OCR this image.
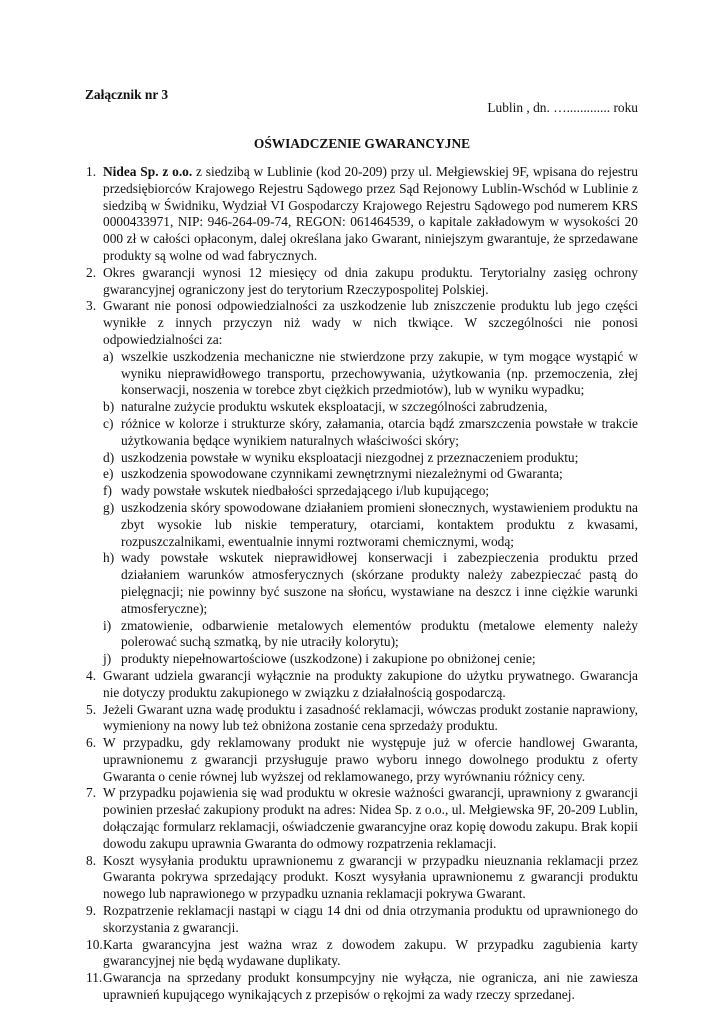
Załącznik nr 3
Lublin , dn. …............. roku
OŚWIADCZENIE GWARANCYJNE
1. Nidea Sp. z o.o. z siedzibą w Lublinie (kod 20-209) przy ul. Mełgiewskiej 9F, wpisana do rejestru przedsiębiorców Krajowego Rejestru Sądowego przez Sąd Rejonowy Lublin-Wschód w Lublinie z siedzibą w Świdniku, Wydział VI Gospodarczy Krajowego Rejestru Sądowego pod numerem KRS 0000433971, NIP: 946-264-09-74, REGON: 061464539, o kapitale zakładowym w wysokości 20 000 zł w całości opłaconym, dalej określana jako Gwarant, niniejszym gwarantuje, że sprzedawane produkty są wolne od wad fabrycznych.
2. Okres gwarancji wynosi 12 miesięcy od dnia zakupu produktu. Terytorialny zasięg ochrony gwarancyjnej ograniczony jest do terytorium Rzeczypospolitej Polskiej.
3. Gwarant nie ponosi odpowiedzialności za uszkodzenie lub zniszczenie produktu lub jego części wynikłe z innych przyczyn niż wady w nich tkwiące. W szczególności nie ponosi odpowiedzialności za:
a) wszelkie uszkodzenia mechaniczne nie stwierdzone przy zakupie, w tym mogące wystąpić w wyniku nieprawidłowego transportu, przechowywania, użytkowania (np. przemoczenia, złej konserwacji, noszenia w torebce zbyt ciężkich przedmiotów), lub w wyniku wypadku;
b) naturalne zużycie produktu wskutek eksploatacji, w szczególności zabrudzenia,
c) różnice w kolorze i strukturze skóry, załamania, otarcia bądź zmarszczenia powstałe w trakcie użytkowania będące wynikiem naturalnych właściwości skóry;
d) uszkodzenia powstałe w wyniku eksploatacji niezgodnej z przeznaczeniem produktu;
e) uszkodzenia spowodowane czynnikami zewnętrznymi niezależnymi od Gwaranta;
f) wady powstałe wskutek niedbałości sprzedającego i/lub kupującego;
g) uszkodzenia skóry spowodowane działaniem promieni słonecznych, wystawieniem produktu na zbyt wysokie lub niskie temperatury, otarciami, kontaktem produktu z kwasami, rozpuszczalnikami, ewentualnie innymi roztworami chemicznymi, wodą;
h) wady powstałe wskutek nieprawidłowej konserwacji i zabezpieczenia produktu przed działaniem warunków atmosferycznych (skórzane produkty należy zabezpieczać pastą do pielęgnacji; nie powinny być suszone na słońcu, wystawiane na deszcz i inne ciężkie warunki atmosferyczne);
i) zmatowienie, odbarwienie metalowych elementów produktu (metalowe elementy należy polerować suchą szmatką, by nie utraciły kolorytu);
j) produkty niepełnowartościowe (uszkodzone) i zakupione po obniżonej cenie;
4. Gwarant udziela gwarancji wyłącznie na produkty zakupione do użytku prywatnego. Gwarancja nie dotyczy produktu zakupionego w związku z działalnością gospodarczą.
5. Jeżeli Gwarant uzna wadę produktu i zasadność reklamacji, wówczas produkt zostanie naprawiony, wymieniony na nowy lub też obniżona zostanie cena sprzedaży produktu.
6. W przypadku, gdy reklamowany produkt nie występuje już w ofercie handlowej Gwaranta, uprawnionemu z gwarancji przysługuje prawo wyboru innego dowolnego produktu z oferty Gwaranta o cenie równej lub wyższej od reklamowanego, przy wyrównaniu różnicy ceny.
7. W przypadku pojawienia się wad produktu w okresie ważności gwarancji, uprawniony z gwarancji powinien przesłać zakupiony produkt na adres: Nidea Sp. z o.o., ul. Mełgiewska 9F, 20-209 Lublin, dołączając formularz reklamacji, oświadczenie gwarancyjne oraz kopię dowodu zakupu. Brak kopii dowodu zakupu uprawnia Gwaranta do odmowy rozpatrzenia reklamacji.
8. Koszt wysyłania produktu uprawnionemu z gwarancji w przypadku nieuznania reklamacji przez Gwaranta pokrywa sprzedający produkt. Koszt wysyłania uprawnionemu z gwarancji produktu nowego lub naprawionego w przypadku uznania reklamacji pokrywa Gwarant.
9. Rozpatrzenie reklamacji nastąpi w ciągu 14 dni od dnia otrzymania produktu od uprawnionego do skorzystania z gwarancji.
10. Karta gwarancyjna jest ważna wraz z dowodem zakupu. W przypadku zagubienia karty gwarancyjnej nie będą wydawane duplikaty.
11. Gwarancja na sprzedany produkt konsumpcyjny nie wyłącza, nie ogranicza, ani nie zawiesza uprawnień kupującego wynikających z przepisów o rękojmi za wady rzeczy sprzedanej.
